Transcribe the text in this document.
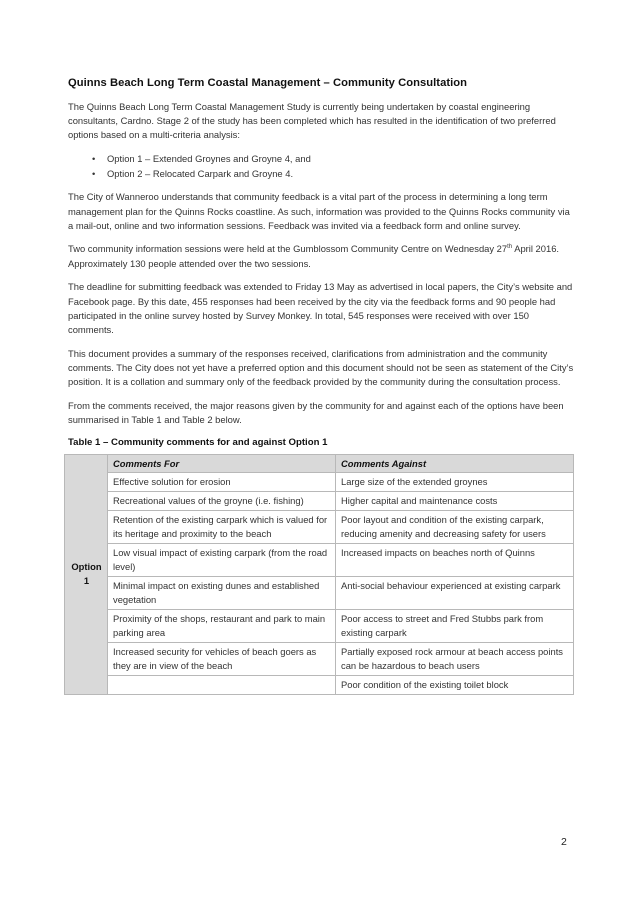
Quinns Beach Long Term Coastal Management – Community Consultation

The Quinns Beach Long Term Coastal Management Study is currently being undertaken by coastal engineering consultants, Cardno. Stage 2 of the study has been completed which has resulted in the identification of two preferred options based on a multi-criteria analysis:

• Option 1 – Extended Groynes and Groyne 4, and
• Option 2 – Relocated Carpark and Groyne 4.

The City of Wanneroo understands that community feedback is a vital part of the process in determining a long term management plan for the Quinns Rocks coastline. As such, information was provided to the Quinns Rocks community via a mail-out, online and two information sessions. Feedback was invited via a feedback form and online survey.

Two community information sessions were held at the Gumblossom Community Centre on Wednesday 27th April 2016. Approximately 130 people attended over the two sessions.

The deadline for submitting feedback was extended to Friday 13 May as advertised in local papers, the City’s website and Facebook page. By this date, 455 responses had been received by the city via the feedback forms and 90 people had participated in the online survey hosted by Survey Monkey. In total, 545 responses were received with over 150 comments.

This document provides a summary of the responses received, clarifications from administration and the community comments. The City does not yet have a preferred option and this document should not be seen as statement of the City’s position. It is a collation and summary only of the feedback provided by the community during the consultation process.

From the comments received, the major reasons given by the community for and against each of the options have been summarised in Table 1 and Table 2 below.

Table 1 – Community comments for and against Option 1
Option 1	Comments For	Comments Against
	Effective solution for erosion	Large size of the extended groynes
	Recreational values of the groyne (i.e. fishing)	Higher capital and maintenance costs
	Retention of the existing carpark which is valued for its heritage and proximity to the beach	Poor layout and condition of the existing carpark, reducing amenity and decreasing safety for users
	Low visual impact of existing carpark (from the road level)	Increased impacts on beaches north of Quinns
	Minimal impact on existing dunes and established vegetation	Anti-social behaviour experienced at existing carpark
	Proximity of the shops, restaurant and park to main parking area	Poor access to street and Fred Stubbs park from existing carpark
	Increased security for vehicles of beach goers as they are in view of the beach	Partially exposed rock armour at beach access points can be hazardous to beach users
		Poor condition of the existing toilet block
2
